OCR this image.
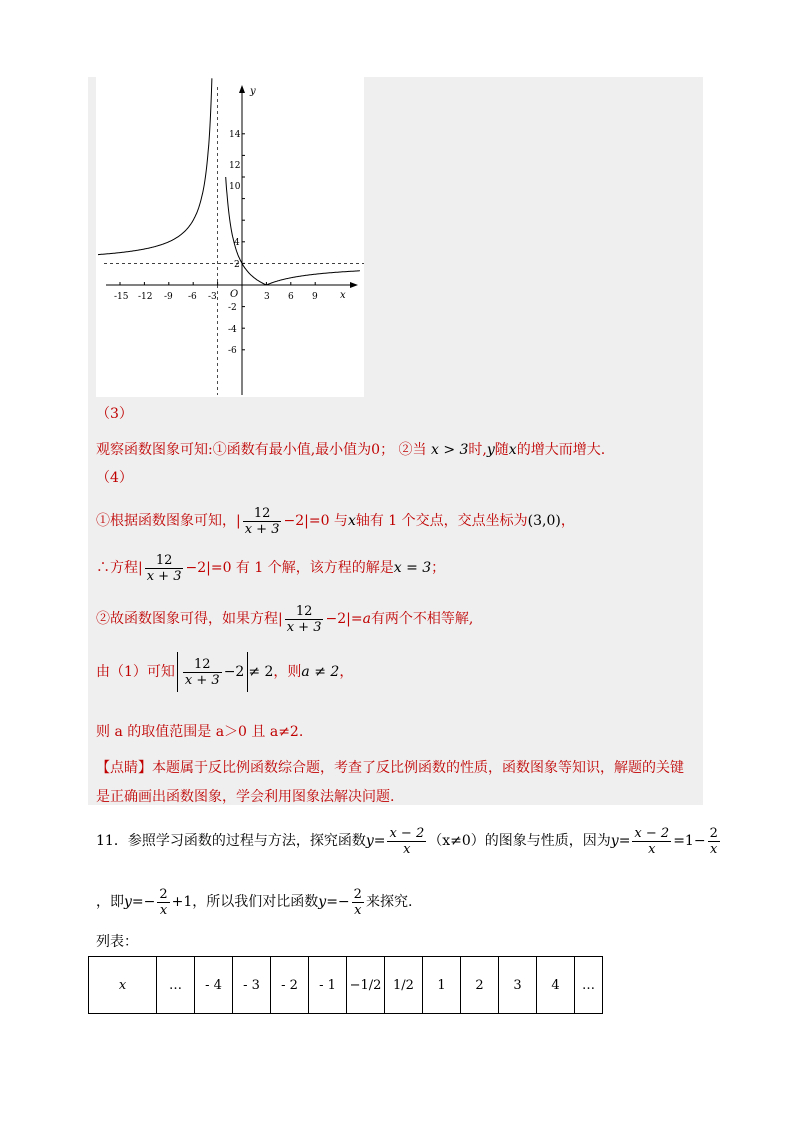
-15 -12 -9 -6 -3	3 6 9
14
12
10
4
2
-2
-4
-6
O	x
y
（3）
观察函数图象可知:①函数有最小值,最小值为0； ②当 x > 3时,y随x的增大而增大.
（4）
①根据函数图象可知，| $\frac{12}{x + 3} -2|=0$ 与x轴有 1 个交点，交点坐标为(3,0)，
∴方程| $\frac{12}{x + 3} -2|=0$ 有 1 个解，该方程的解是x = 3；
②故函数图象可得，如果方程| $\frac{12}{x + 3} -2|=a$有两个不相等解,
由（1）可知 $\frac{12}{x + 3} -2 \ne 2$，则a ≠ 2，
则 a 的取值范围是 a＞0 且 a≠2.
【点睛】本题属于反比例函数综合题，考查了反比例函数的性质，函数图象等知识，解题的关键
是正确画出函数图象，学会利用图象法解决问题.
11．参照学习函数的过程与方法，探究函数$y= \frac{x - 2}{x} (x\ne 0)$的图象与性质，因为$y= \frac{x - 2}{x} =1- \frac{2}{x}$
，即$y=- \frac{2}{x} +1$，所以我们对比函数$y=- \frac{2}{x}$ 来探究.
列表：
x	…	- 4	- 3	- 2	- 1	−1/2	1/2	1	2	3	4	…
